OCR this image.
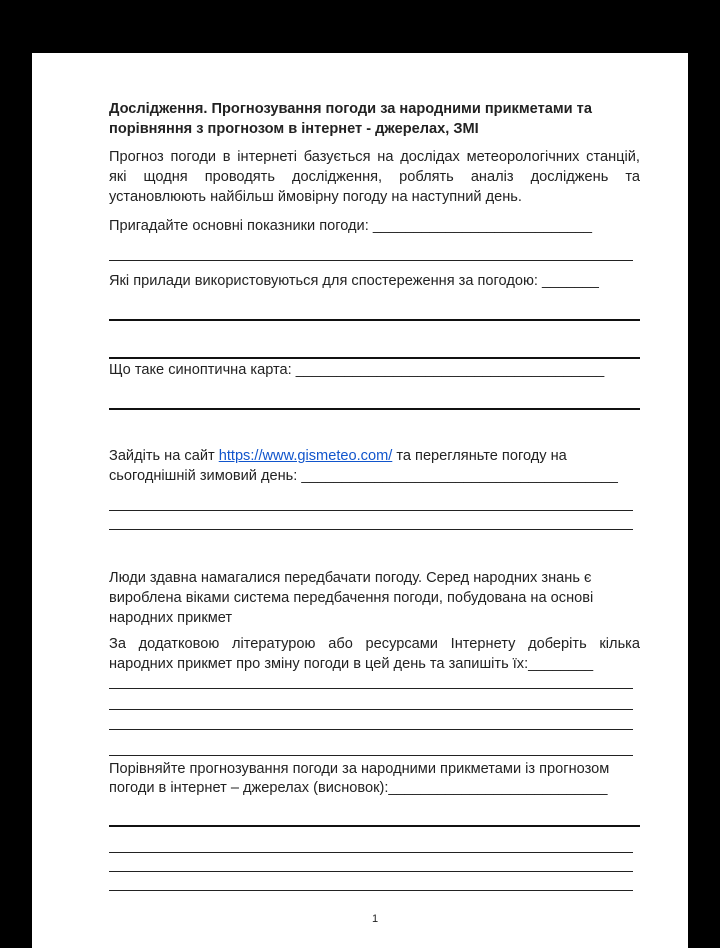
Дослідження. Прогнозування погоди за народними прикметами та
порівняння з прогнозом в інтернет - джерелах, ЗМІ
Прогноз погоди в інтернеті базується на дослідах метеорологічних станцій,
які щодня проводять дослідження, роблять аналіз досліджень та
установлюють найбільш ймовірну погоду на наступний день.
Пригадайте основні показники погоди: ___________________________
Які прилади використовуються для спостереження за погодою: _______
Що таке синоптична карта: ______________________________________
Зайдіть на сайт https://www.gismeteo.com/ та перегляньте погоду на
сьогоднішній зимовий день: _______________________________________
Люди здавна намагалися передбачати погоду. Серед народних знань є
вироблена віками система передбачення погоди, побудована на основі
народних прикмет
За додатковою літературою або ресурсами Інтернету доберіть кілька
народних прикмет про зміну погоди в цей день та запишіть їх:________
Порівняйте прогнозування погоди за народними прикметами із прогнозом
погоди в інтернет – джерелах (висновок):___________________________
1
